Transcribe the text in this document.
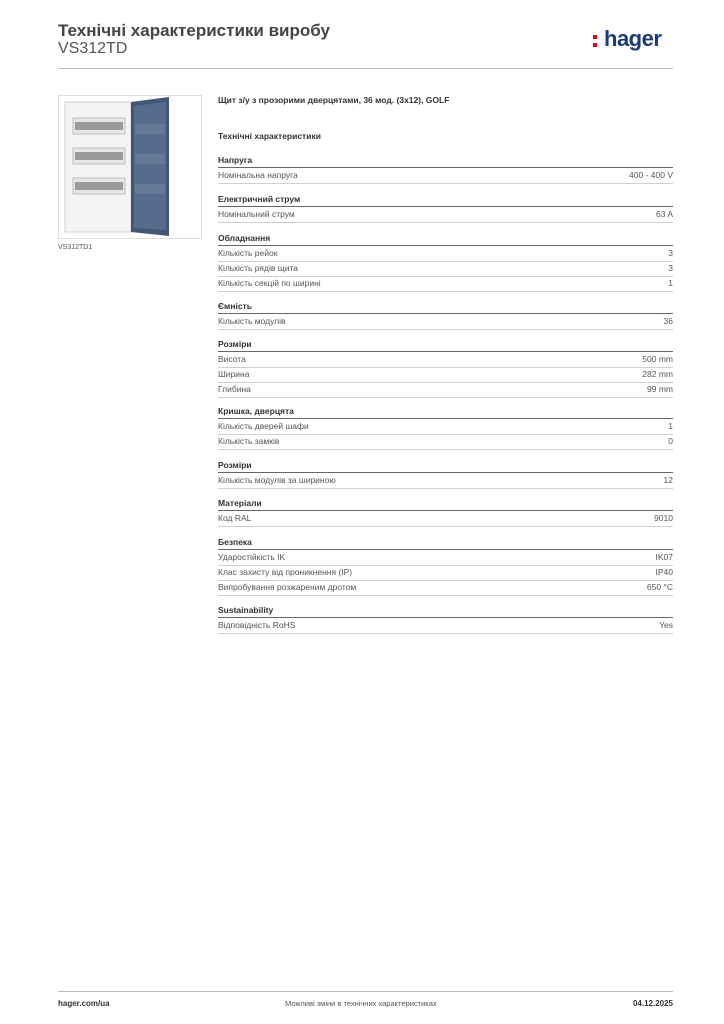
Технічні характеристики виробу
VS312TD	hager
VS312TD1
Щит з/у з прозорими дверцятами, 36 мод. (3x12), GOLF
Технічні характеристики
Напруга
Номінальна напруга	400 - 400 V
Електричний струм
Номінальний струм	63 A
Обладнання
Кількість рейок	3
Кількість рядів щита	3
Кількість секцій по ширині	1
Ємність
Кількість модулів	36
Розміри
Висота	500 mm
Ширина	282 mm
Глибина	99 mm
Кришка, дверцята
Кількість дверей шафи	1
Кількість замків	0
Розміри
Кількість модулів за шириною	12
Матеріали
Код RAL	9010
Безпека
Ударостійкість IK	IK07
Клас захисту від проникнення (IP)	IP40
Випробування розжареним дротом	650 °C
Sustainability
Відповідність RoHS	Yes
hager.com/ua	Можливі зміни в технічних характеристиках	04.12.2025
